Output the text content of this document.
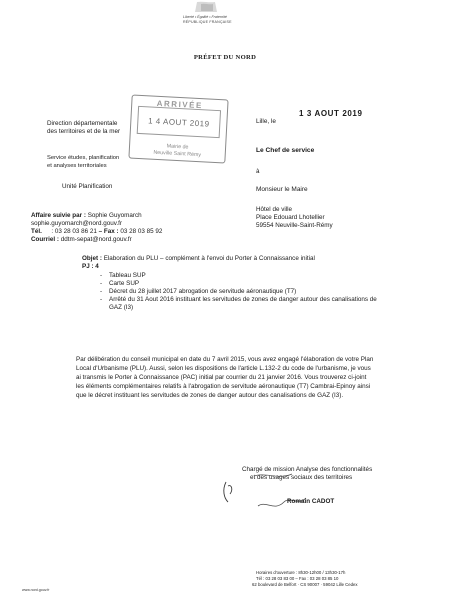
Liberté • Égalité • Fraternité
RÉPUBLIQUE FRANÇAISE
PRÉFET DU NORD
Direction départementale
des territoires et de la mer
Service études, planification
et analyses territoriales
Unité Planification
ARRIVÉE
1 4 AOUT 2019
Mairie de
Neuville Saint Rémy
Lille, le
1 3 AOUT 2019
Le Chef de service
à
Monsieur le Maire
Hôtel de ville
Place Edouard Lhotellier
59554 Neuville-Saint-Rémy
Affaire suivie par : Sophie Guyomarch
sophie.guyomarch@nord.gouv.fr
Tél. : 03 28 03 86 21 – Fax : 03 28 03 85 92
Courriel : ddtm-sepat@nord.gouv.fr
Objet : Elaboration du PLU – complément à l'envoi du Porter à Connaissance initial
PJ : 4
- Tableau SUP
- Carte SUP
- Décret du 28 juillet 2017 abrogation de servitude aéronautique (T7)
- Arrêté du 31 Aout 2016 instituant les servitudes de zones de danger autour des canalisations de
GAZ (I3)
Par délibération du conseil municipal en date du 7 avril 2015, vous avez engagé l'élaboration de votre Plan
Local d'Urbanisme (PLU). Aussi, selon les dispositions de l'article L.132-2 du code de l'urbanisme, je vous
ai transmis le Porter à Connaissance (PAC) initial par courrier du 21 janvier 2016. Vous trouverez ci-joint
les éléments complémentaires relatifs à l'abrogation de servitude aéronautique (T7) Cambrai-Epinoy ainsi
que le décret instituant les servitudes de zones de danger autour des canalisations de GAZ (I3).
Chargé de mission Analyse des fonctionnalités
et des usages sociaux des territoires
Romain CADOT
Horaires d'ouverture : 8h30-12h00 / 13h30-17h
Tél : 03 28 03 83 00 – Fax : 03 28 03 85 10
62 boulevard de Belfort · CS 90007 · 59042 Lille Cedex
www.nord.gouv.fr
